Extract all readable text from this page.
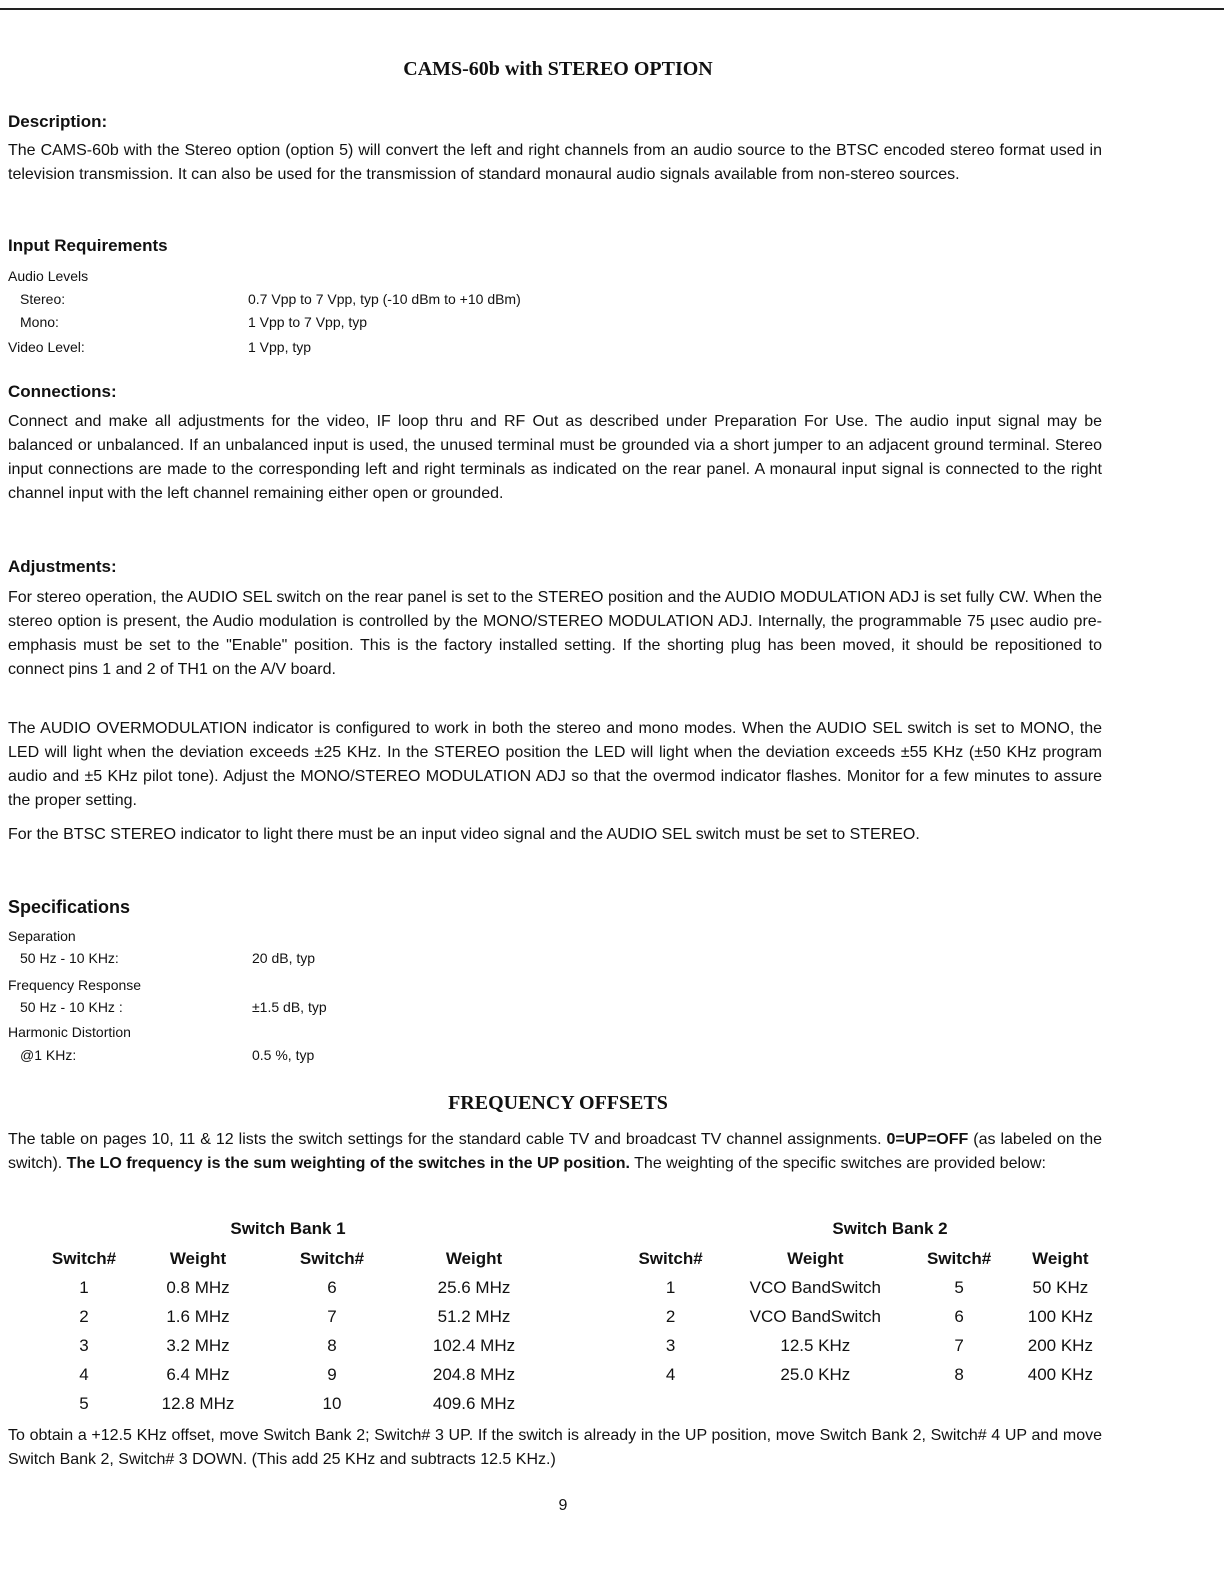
CAMS-60b with STEREO OPTION
Description:
The CAMS-60b with the Stereo option (option 5) will convert the left and right channels from an audio source to the BTSC encoded stereo format used in television transmission. It can also be used for the transmission of standard monaural audio signals available from non-stereo sources.
Input Requirements
Audio Levels
Stereo:	0.7 Vpp to 7 Vpp, typ (-10 dBm to +10 dBm)
Mono:	1 Vpp to 7 Vpp, typ
Video Level:	1 Vpp, typ
Connections:
Connect and make all adjustments for the video, IF loop thru and RF Out as described under Preparation For Use. The audio input signal may be balanced or unbalanced. If an unbalanced input is used, the unused terminal must be grounded via a short jumper to an adjacent ground terminal. Stereo input connections are made to the corresponding left and right terminals as indicated on the rear panel. A monaural input signal is connected to the right channel input with the left channel remaining either open or grounded.
Adjustments:
For stereo operation, the AUDIO SEL switch on the rear panel is set to the STEREO position and the AUDIO MODULATION ADJ is set fully CW. When the stereo option is present, the Audio modulation is controlled by the MONO/STEREO MODULATION ADJ. Internally, the programmable 75 µsec audio pre-emphasis must be set to the "Enable" position. This is the factory installed setting. If the shorting plug has been moved, it should be repositioned to connect pins 1 and 2 of TH1 on the A/V board.
The AUDIO OVERMODULATION indicator is configured to work in both the stereo and mono modes. When the AUDIO SEL switch is set to MONO, the LED will light when the deviation exceeds ±25 KHz. In the STEREO position the LED will light when the deviation exceeds ±55 KHz (±50 KHz program audio and ±5 KHz pilot tone). Adjust the MONO/STEREO MODULATION ADJ so that the overmod indicator flashes. Monitor for a few minutes to assure the proper setting.
For the BTSC STEREO indicator to light there must be an input video signal and the AUDIO SEL switch must be set to STEREO.
Specifications
Separation
50 Hz - 10 KHz:	20 dB, typ
Frequency Response
50 Hz - 10 KHz :	±1.5 dB, typ
Harmonic Distortion
@1 KHz:	0.5 %, typ
FREQUENCY OFFSETS
The table on pages 10, 11 & 12 lists the switch settings for the standard cable TV and broadcast TV channel assignments. 0=UP=OFF (as labeled on the switch). The LO frequency is the sum weighting of the switches in the UP position. The weighting of the specific switches are provided below:
Switch Bank 1
Switch#	Weight	Switch#	Weight
1	0.8 MHz	6	25.6 MHz
2	1.6 MHz	7	51.2 MHz
3	3.2 MHz	8	102.4 MHz
4	6.4 MHz	9	204.8 MHz
5	12.8 MHz	10	409.6 MHz
Switch Bank 2
Switch#	Weight	Switch#	Weight
1	VCO BandSwitch	5	50 KHz
2	VCO BandSwitch	6	100 KHz
3	12.5 KHz	7	200 KHz
4	25.0 KHz	8	400 KHz
To obtain a +12.5 KHz offset, move Switch Bank 2; Switch# 3 UP. If the switch is already in the UP position, move Switch Bank 2, Switch# 4 UP and move Switch Bank 2, Switch# 3 DOWN. (This add 25 KHz and subtracts 12.5 KHz.)
9
